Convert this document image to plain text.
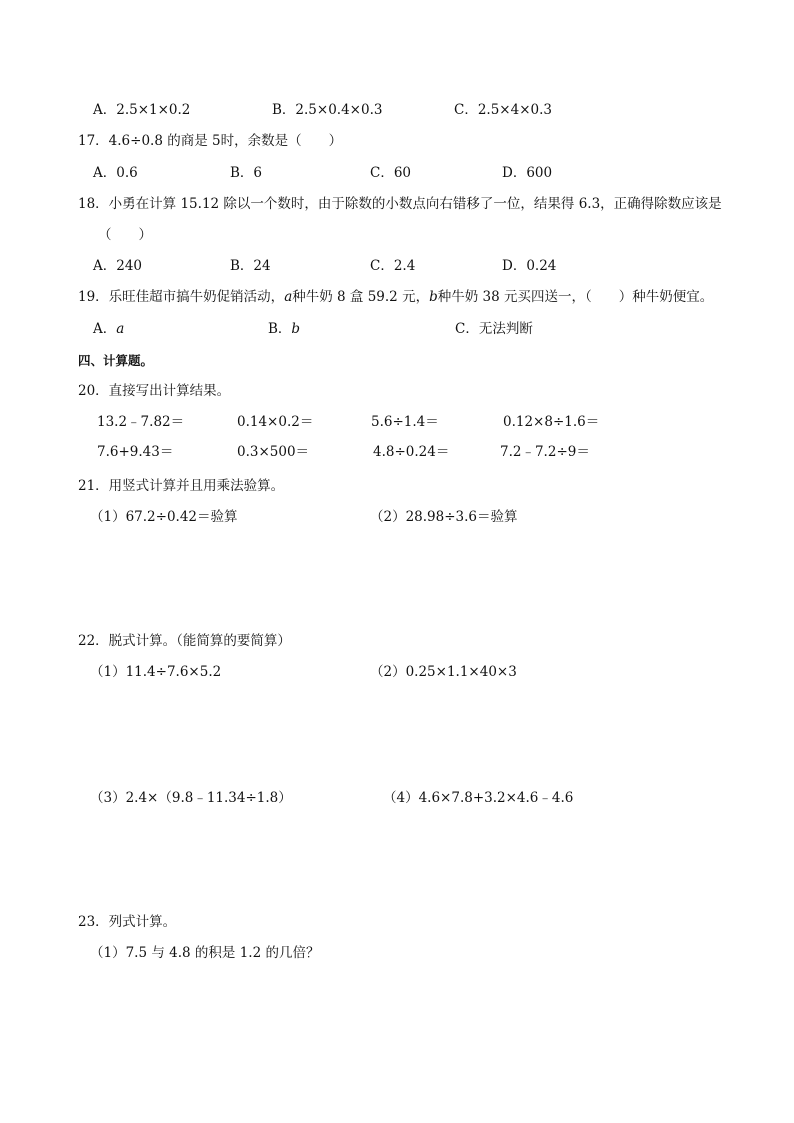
A．2.5×1×0.2	B．2.5×0.4×0.3	C．2.5×4×0.3
17．4.6÷0.8 的商是 5时，余数是（　　）
A．0.6	B．6	C．60	D．600
18．小勇在计算 15.12 除以一个数时，由于除数的小数点向右错移了一位，结果得 6.3，正确得除数应该是
（　　）
A．240	B．24	C．2.4	D．0.24
19．乐旺佳超市搞牛奶促销活动，a种牛奶 8 盒 59.2 元，b种牛奶 38 元买四送一，（　　）种牛奶便宜。
A．a	B．b	C．无法判断
四、计算题。
20．直接写出计算结果。
13.2﹣7.82＝	0.14×0.2＝	5.6÷1.4＝	0.12×8÷1.6＝
7.6+9.43＝	0.3×500＝	4.8÷0.24＝	7.2﹣7.2÷9＝
21．用竖式计算并且用乘法验算。
（1）67.2÷0.42＝验算	（2）28.98÷3.6＝验算
22．脱式计算。（能简算的要简算）
（1）11.4÷7.6×5.2	（2）0.25×1.1×40×3
（3）2.4×（9.8﹣11.34÷1.8）	（4）4.6×7.8+3.2×4.6﹣4.6
23．列式计算。
（1）7.5 与 4.8 的积是 1.2 的几倍？
